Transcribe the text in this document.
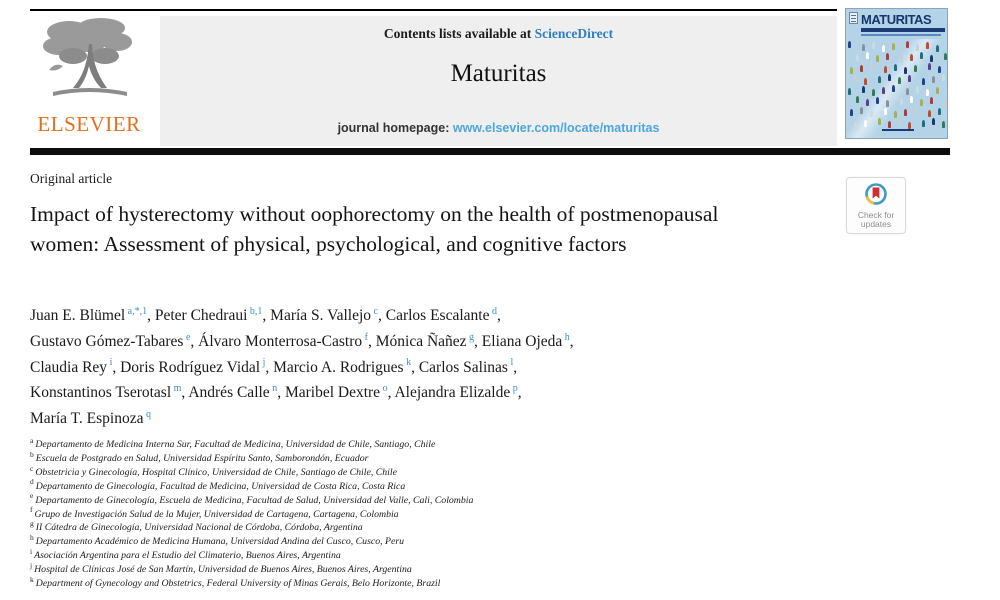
ELSEVIER
Contents lists available at ScienceDirect
Maturitas
journal homepage: www.elsevier.com/locate/maturitas
MATURITAS
Check for
updates
Original article
Impact of hysterectomy without oophorectomy on the health of postmenopausal women: Assessment of physical, psychological, and cognitive factors
Juan E. Blümel $^{a,*,1}$, Peter Chedraui $^{b,1}$, María S. Vallejo $^c$, Carlos Escalante $^d$,
Gustavo Gómez-Tabares $^e$, Álvaro Monterrosa-Castro $^f$, Mónica Ñañez $^g$, Eliana Ojeda $^h$,
Claudia Rey $^i$, Doris Rodríguez Vidal $^j$, Marcio A. Rodrigues $^k$, Carlos Salinas $^l$,
Konstantinos Tserotasl $^m$, Andrés Calle $^n$, Maribel Dextre $^o$, Alejandra Elizalde $^p$,
María T. Espinoza $^q$
$^a$ Departamento de Medicina Interna Sur, Facultad de Medicina, Universidad de Chile, Santiago, Chile
$^b$ Escuela de Postgrado en Salud, Universidad Espíritu Santo, Samborondón, Ecuador
$^c$ Obstetricia y Ginecología, Hospital Clínico, Universidad de Chile, Santiago de Chile, Chile
$^d$ Departamento de Ginecología, Facultad de Medicina, Universidad de Costa Rica, Costa Rica
$^e$ Departamento de Ginecología, Escuela de Medicina, Facultad de Salud, Universidad del Valle, Cali, Colombia
$^f$ Grupo de Investigación Salud de la Mujer, Universidad de Cartagena, Cartagena, Colombia
$^g$ II Cátedra de Ginecología, Universidad Nacional de Córdoba, Córdoba, Argentina
$^h$ Departamento Académico de Medicina Humana, Universidad Andina del Cusco, Cusco, Peru
$^i$ Asociación Argentina para el Estudio del Climaterio, Buenos Aires, Argentina
$^j$ Hospital de Clínicas José de San Martín, Universidad de Buenos Aires, Buenos Aires, Argentina
$^k$ Department of Gynecology and Obstetrics, Federal University of Minas Gerais, Belo Horizonte, Brazil
